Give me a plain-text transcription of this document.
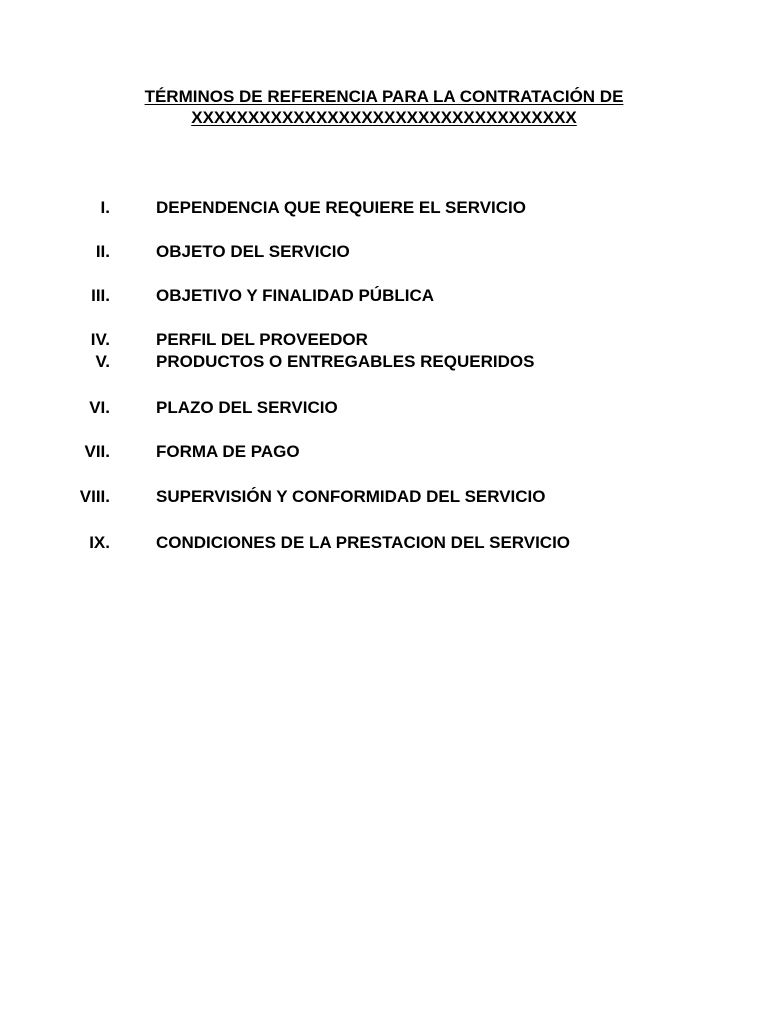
TÉRMINOS DE REFERENCIA PARA LA CONTRATACIÓN DE
XXXXXXXXXXXXXXXXXXXXXXXXXXXXXXXXXX
I.	DEPENDENCIA QUE REQUIERE EL SERVICIO
II.	OBJETO DEL SERVICIO
III.	OBJETIVO Y FINALIDAD PÚBLICA
IV.	PERFIL DEL PROVEEDOR
V.	PRODUCTOS O ENTREGABLES REQUERIDOS
VI.	PLAZO DEL SERVICIO
VII.	FORMA DE PAGO
VIII.	SUPERVISIÓN Y CONFORMIDAD DEL SERVICIO
IX.	CONDICIONES DE LA PRESTACION DEL SERVICIO
